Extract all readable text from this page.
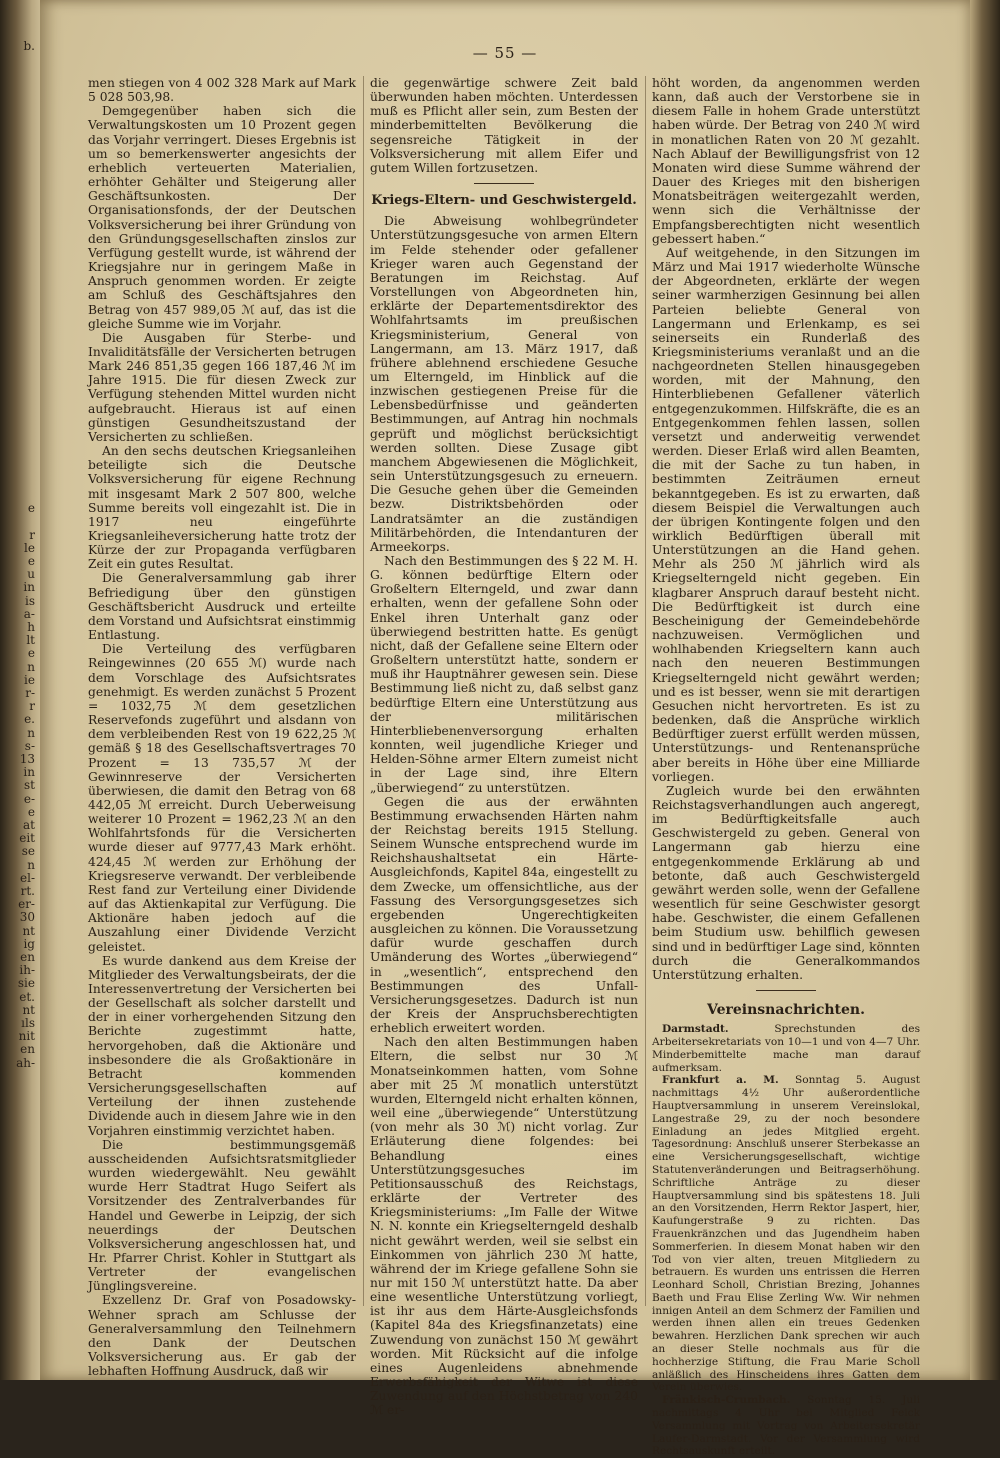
b.

e

r
le
e
u
in
is
a-
h
lt
e
n
ie
r-
r
e.
n
s-
13
in
st
e-
e
at
eit
se
n
el-
rt.
er-
30
nt
ig
en
ih-
sie
et.
nt
ıls
nit
en
ah-
— 55 —

men stiegen von 4 002 328 Mark auf Mark 5 028 503,98.

Demgegenüber haben sich die Verwaltungskosten um 10 Prozent gegen das Vorjahr verringert. Dieses Ergebnis ist um so bemerkenswerter angesichts der erheblich verteuerten Materialien, erhöhter Gehälter und Steigerung aller Geschäftsunkosten. Der Organisationsfonds, der der Deutschen Volksversicherung bei ihrer Gründung von den Gründungsgesellschaften zinslos zur Verfügung gestellt wurde, ist während der Kriegsjahre nur in geringem Maße in Anspruch genommen worden. Er zeigte am Schluß des Geschäftsjahres den Betrag von 457 989,05 ℳ auf, das ist die gleiche Summe wie im Vorjahr.

Die Ausgaben für Sterbe- und Invaliditätsfälle der Versicherten betrugen Mark 246 851,35 gegen 166 187,46 ℳ im Jahre 1915. Die für diesen Zweck zur Verfügung stehenden Mittel wurden nicht aufgebraucht. Hieraus ist auf einen günstigen Gesundheitszustand der Versicherten zu schließen.

An den sechs deutschen Kriegsanleihen beteiligte sich die Deutsche Volksversicherung für eigene Rechnung mit insgesamt Mark 2 507 800, welche Summe bereits voll eingezahlt ist. Die in 1917 neu eingeführte Kriegsanleiheversicherung hatte trotz der Kürze der zur Propaganda verfügbaren Zeit ein gutes Resultat.

Die Generalversammlung gab ihrer Befriedigung über den günstigen Geschäftsbericht Ausdruck und erteilte dem Vorstand und Aufsichtsrat einstimmig Entlastung.

Die Verteilung des verfügbaren Reingewinnes (20 655 ℳ) wurde nach dem Vorschlage des Aufsichtsrates genehmigt. Es werden zunächst 5 Prozent = 1032,75 ℳ dem gesetzlichen Reservefonds zugeführt und alsdann von dem verbleibenden Rest von 19 622,25 ℳ gemäß § 18 des Gesellschaftsvertrages 70 Prozent = 13 735,57 ℳ der Gewinnreserve der Versicherten überwiesen, die damit den Betrag von 68 442,05 ℳ erreicht. Durch Ueberweisung weiterer 10 Prozent = 1962,23 ℳ an den Wohlfahrtsfonds für die Versicherten wurde dieser auf 9777,43 Mark erhöht. 424,45 ℳ werden zur Erhöhung der Kriegsreserve verwandt. Der verbleibende Rest fand zur Verteilung einer Dividende auf das Aktienkapital zur Verfügung. Die Aktionäre haben jedoch auf die Auszahlung einer Dividende Verzicht geleistet.

Es wurde dankend aus dem Kreise der Mitglieder des Verwaltungsbeirats, der die Interessenvertretung der Versicherten bei der Gesellschaft als solcher darstellt und der in einer vorhergehenden Sitzung den Berichte zugestimmt hatte, hervorgehoben, daß die Aktionäre und insbesondere die als Großaktionäre in Betracht kommenden Versicherungsgesellschaften auf Verteilung der ihnen zustehende Dividende auch in diesem Jahre wie in den Vorjahren einstimmig verzichtet haben.

Die bestimmungsgemäß ausscheidenden Aufsichtsratsmitglieder wurden wiedergewählt. Neu gewählt wurde Herr Stadtrat Hugo Seifert als Vorsitzender des Zentralverbandes für Handel und Gewerbe in Leipzig, der sich neuerdings der Deutschen Volksversicherung angeschlossen hat, und Hr. Pfarrer Christ. Kohler in Stuttgart als Vertreter der evangelischen Jünglingsvereine.

Exzellenz Dr. Graf von Posadowsky-Wehner sprach am Schlusse der Generalversammlung den Teilnehmern den Dank der Deutschen Volksversicherung aus. Er gab der lebhaften Hoffnung Ausdruck, daß wir

die gegenwärtige schwere Zeit bald überwunden haben möchten. Unterdessen muß es Pflicht aller sein, zum Besten der minderbemittelten Bevölkerung die segensreiche Tätigkeit in der Volksversicherung mit allem Eifer und gutem Willen fortzusetzen.

Kriegs-Eltern- und Geschwistergeld.

Die Abweisung wohlbegründeter Unterstützungsgesuche von armen Eltern im Felde stehender oder gefallener Krieger waren auch Gegenstand der Beratungen im Reichstag. Auf Vorstellungen von Abgeordneten hin, erklärte der Departementsdirektor des Wohlfahrtsamts im preußischen Kriegsministerium, General von Langermann, am 13. März 1917, daß frühere ablehnend erschiedene Gesuche um Elterngeld, im Hinblick auf die inzwischen gestiegenen Preise für die Lebensbedürfnisse und geänderten Bestimmungen, auf Antrag hin nochmals geprüft und möglichst berücksichtigt werden sollten. Diese Zusage gibt manchem Abgewiesenen die Möglichkeit, sein Unterstützungsgesuch zu erneuern. Die Gesuche gehen über die Gemeinden bezw. Distriktsbehörden oder Landratsämter an die zuständigen Militärbehörden, die Intendanturen der Armeekorps.

Nach den Bestimmungen des § 22 M. H. G. können bedürftige Eltern oder Großeltern Elterngeld, und zwar dann erhalten, wenn der gefallene Sohn oder Enkel ihren Unterhalt ganz oder überwiegend bestritten hatte. Es genügt nicht, daß der Gefallene seine Eltern oder Großeltern unterstützt hatte, sondern er muß ihr Hauptnährer gewesen sein. Diese Bestimmung ließ nicht zu, daß selbst ganz bedürftige Eltern eine Unterstützung aus der militärischen Hinterbliebenenversorgung erhalten konnten, weil jugendliche Krieger und Helden-Söhne armer Eltern zumeist nicht in der Lage sind, ihre Eltern „überwiegend“ zu unterstützen.

Gegen die aus der erwähnten Bestimmung erwachsenden Härten nahm der Reichstag bereits 1915 Stellung. Seinem Wunsche entsprechend wurde im Reichshaushaltsetat ein Härte-Ausgleichfonds, Kapitel 84a, eingestellt zu dem Zwecke, um offensichtliche, aus der Fassung des Versorgungsgesetzes sich ergebenden Ungerechtigkeiten ausgleichen zu können. Die Voraussetzung dafür wurde geschaffen durch Umänderung des Wortes „überwiegend“ in „wesentlich“, entsprechend den Bestimmungen des Unfall-Versicherungsgesetzes. Dadurch ist nun der Kreis der Anspruchsberechtigten erheblich erweitert worden.

Nach den alten Bestimmungen haben Eltern, die selbst nur 30 ℳ Monatseinkommen hatten, vom Sohne aber mit 25 ℳ monatlich unterstützt wurden, Elterngeld nicht erhalten können, weil eine „überwiegende“ Unterstützung (von mehr als 30 ℳ) nicht vorlag. Zur Erläuterung diene folgendes: bei Behandlung eines Unterstützungsgesuches im Petitionsausschuß des Reichstags, erklärte der Vertreter des Kriegsministeriums: „Im Falle der Witwe N. N. konnte ein Kriegselterngeld deshalb nicht gewährt werden, weil sie selbst ein Einkommen von jährlich 230 ℳ hatte, während der im Kriege gefallene Sohn sie nur mit 150 ℳ unterstützt hatte. Da aber eine wesentliche Unterstützung vorliegt, ist ihr aus dem Härte-Ausgleichsfonds (Kapitel 84a des Kriegsfinanzetats) eine Zuwendung von zunächst 150 ℳ gewährt worden. Mit Rücksicht auf die infolge eines Augenleidens abnehmende Erwerbsfähigkeit der Witwe ist diese Zuwendung auf den Höchstbetrag von 240 ℳ er-

höht worden, da angenommen werden kann, daß auch der Verstorbene sie in diesem Falle in hohem Grade unterstützt haben würde. Der Betrag von 240 ℳ wird in monatlichen Raten von 20 ℳ gezahlt. Nach Ablauf der Bewilligungsfrist von 12 Monaten wird diese Summe während der Dauer des Krieges mit den bisherigen Monatsbeiträgen weitergezahlt werden, wenn sich die Verhältnisse der Empfangsberechtigten nicht wesentlich gebessert haben.“

Auf weitgehende, in den Sitzungen im März und Mai 1917 wiederholte Wünsche der Abgeordneten, erklärte der wegen seiner warmherzigen Gesinnung bei allen Parteien beliebte General von Langermann und Erlenkamp, es sei seinerseits ein Runderlaß des Kriegsministeriums veranlaßt und an die nachgeordneten Stellen hinausgegeben worden, mit der Mahnung, den Hinterbliebenen Gefallener väterlich entgegenzukommen. Hilfskräfte, die es an Entgegenkommen fehlen lassen, sollen versetzt und anderweitig verwendet werden. Dieser Erlaß wird allen Beamten, die mit der Sache zu tun haben, in bestimmten Zeiträumen erneut bekanntgegeben. Es ist zu erwarten, daß diesem Beispiel die Verwaltungen auch der übrigen Kontingente folgen und den wirklich Bedürftigen überall mit Unterstützungen an die Hand gehen. Mehr als 250 ℳ jährlich wird als Kriegselterngeld nicht gegeben. Ein klagbarer Anspruch darauf besteht nicht. Die Bedürftigkeit ist durch eine Bescheinigung der Gemeindebehörde nachzuweisen. Vermöglichen und wohlhabenden Kriegseltern kann auch nach den neueren Bestimmungen Kriegselterngeld nicht gewährt werden; und es ist besser, wenn sie mit derartigen Gesuchen nicht hervortreten. Es ist zu bedenken, daß die Ansprüche wirklich Bedürftiger zuerst erfüllt werden müssen, Unterstützungs- und Rentenansprüche aber bereits in Höhe über eine Milliarde vorliegen.

Zugleich wurde bei den erwähnten Reichstagsverhandlungen auch angeregt, im Bedürftigkeitsfalle auch Geschwistergeld zu geben. General von Langermann gab hierzu eine entgegenkommende Erklärung ab und betonte, daß auch Geschwistergeld gewährt werden solle, wenn der Gefallene wesentlich für seine Geschwister gesorgt habe. Geschwister, die einem Gefallenen beim Studium usw. behilflich gewesen sind und in bedürftiger Lage sind, könnten durch die Generalkommandos Unterstützung erhalten.

Vereinsnachrichten.

Darmstadt.	Sprechstunden des Arbeitersekretariats von 10—1 und von 4—7 Uhr. Minderbemittelte mache man darauf aufmerksam.

Frankfurt a. M. Sonntag 5. August nachmittags 4½ Uhr außerordentliche Hauptversammlung in unserem Vereinslokal, Langestraße 29, zu der noch besondere Einladung an jedes Mitglied ergeht. Tagesordnung: Anschluß unserer Sterbekasse an eine Versicherungsgesellschaft, wichtige Statutenveränderungen und Beitragserhöhung. Schriftliche Anträge zu dieser Hauptversammlung sind bis spätestens 18. Juli an den Vorsitzenden, Herrn Rektor Jaspert, hier, Kaufungerstraße 9 zu richten. Das Frauenkränzchen und das Jugendheim haben Sommerferien. In diesem Monat haben wir den Tod von vier alten, treuen Mitgliedern zu betrauern. Es wurden uns entrissen die Herren Leonhard Scholl, Christian Brezing, Johannes Baeth und Frau Elise Zerling Ww. Wir nehmen innigen Anteil an dem Schmerz der Familien und werden ihnen allen ein treues Gedenken bewahren. Herzlichen Dank sprechen wir auch an dieser Stelle nochmals aus für die hochherzige Stiftung, die Frau Marie Scholl anläßlich des Hinscheidens ihres Gatten dem Verein überwies.

Fränkisch-Crumbach. Sonntag 15. Juli nachmittags 4 Uhr bei Mitglied Feick Versammlung mit Vortrag von Arbeitersekretär Laufer-Darmstadt. Vor der Versammlung wird Rechtsauskunft erteilt.
